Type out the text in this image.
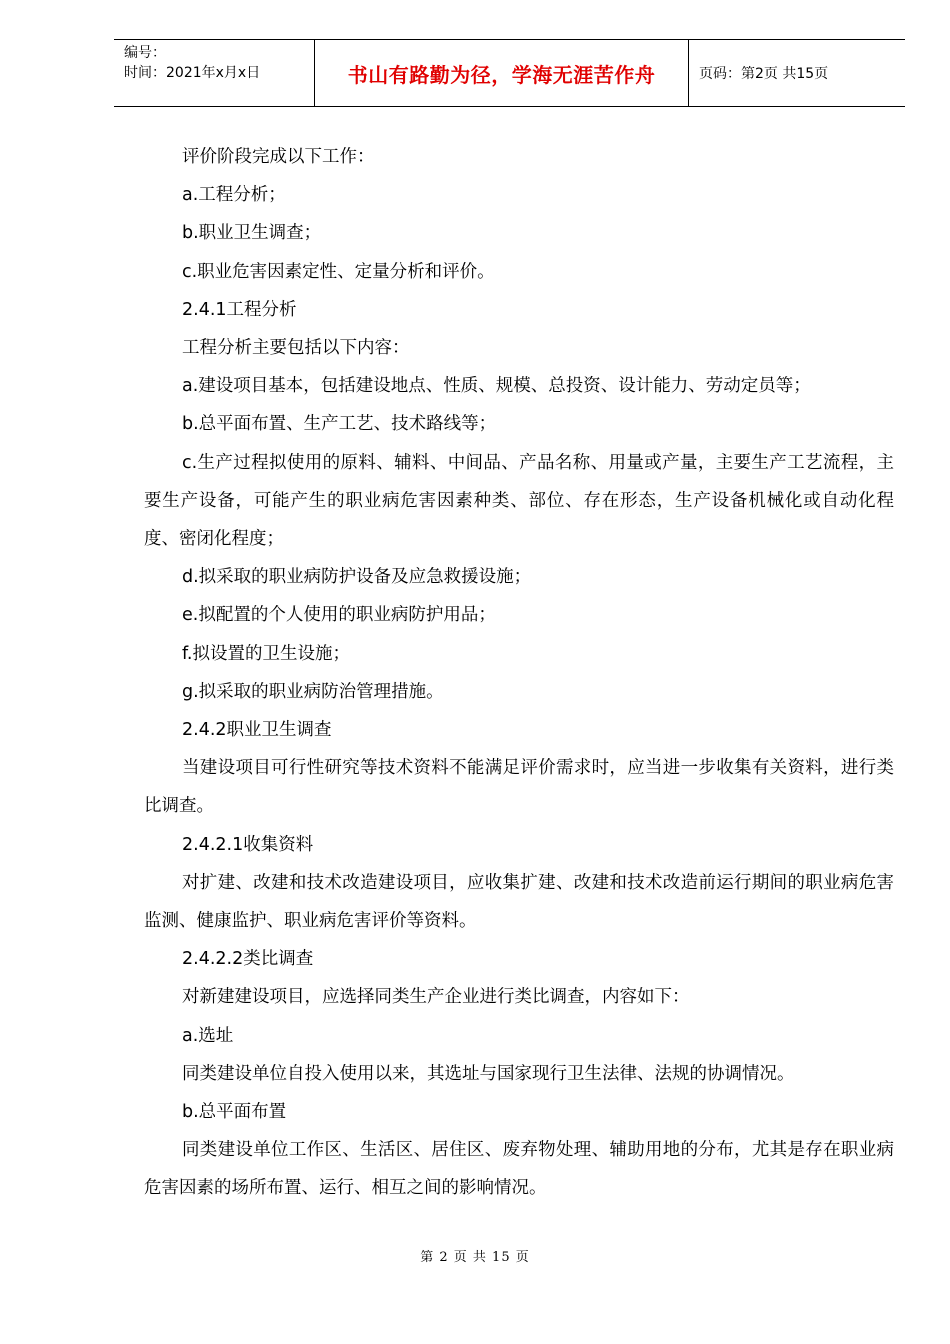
编号：
时间：2021年x月x日	书山有路勤为径，学海无涯苦作舟	页码：第2页 共15页

评价阶段完成以下工作：

a.工程分析；

b.职业卫生调查；

c.职业危害因素定性、定量分析和评价。

2.4.1工程分析

工程分析主要包括以下内容：

a.建设项目基本，包括建设地点、性质、规模、总投资、设计能力、劳动定员等；

b.总平面布置、生产工艺、技术路线等；

c.生产过程拟使用的原料、辅料、中间品、产品名称、用量或产量，主要生产工艺流程，主要生产设备，可能产生的职业病危害因素种类、部位、存在形态，生产设备机械化或自动化程度、密闭化程度；

d.拟采取的职业病防护设备及应急救援设施；

e.拟配置的个人使用的职业病防护用品；

f.拟设置的卫生设施；

g.拟采取的职业病防治管理措施。

2.4.2职业卫生调查

当建设项目可行性研究等技术资料不能满足评价需求时，应当进一步收集有关资料，进行类比调查。

2.4.2.1收集资料

对扩建、改建和技术改造建设项目，应收集扩建、改建和技术改造前运行期间的职业病危害监测、健康监护、职业病危害评价等资料。

2.4.2.2类比调查

对新建建设项目，应选择同类生产企业进行类比调查，内容如下：

a.选址

同类建设单位自投入使用以来，其选址与国家现行卫生法律、法规的协调情况。

b.总平面布置

同类建设单位工作区、生活区、居住区、废弃物处理、辅助用地的分布，尤其是存在职业病危害因素的场所布置、运行、相互之间的影响情况。

第 2 页 共 15 页
